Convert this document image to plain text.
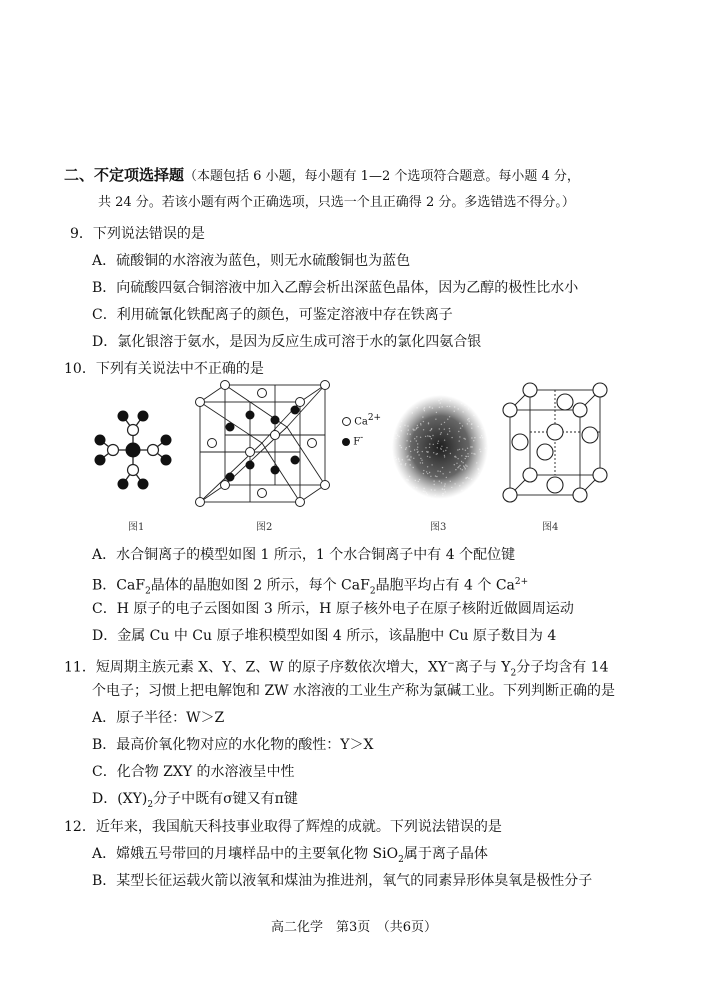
二、不定项选择题（本题包括 6 小题，每小题有 1—2 个选项符合题意。每小题 4 分，
共 24 分。若该小题有两个正确选项，只选一个且正确得 2 分。多选错选不得分。）
9．下列说法错误的是
A．硫酸铜的水溶液为蓝色，则无水硫酸铜也为蓝色
B．向硫酸四氨合铜溶液中加入乙醇会析出深蓝色晶体，因为乙醇的极性比水小
C．利用硫氰化铁配离子的颜色，可鉴定溶液中存在铁离子
D．氯化银溶于氨水，是因为反应生成可溶于水的氯化四氨合银
10．下列有关说法中不正确的是
$Ca^{2+}$
F-
图1	图2	图3	图4
A．水合铜离子的模型如图 1 所示，1 个水合铜离子中有 4 个配位键
B．CaF$_2$晶体的晶胞如图 2 所示，每个 CaF$_2$晶胞平均占有 4 个 $Ca^{2+}$
C．H 原子的电子云图如图 3 所示，H 原子核外电子在原子核附近做圆周运动
D．金属 Cu 中 Cu 原子堆积模型如图 4 所示，该晶胞中 Cu 原子数目为 4
11．短周期主族元素 X、Y、Z、W 的原子序数依次增大，XY−离子与 $Y_2$分子均含有 14
个电子；习惯上把电解饱和 ZW 水溶液的工业生产称为氯碱工业。下列判断正确的是
A．原子半径：W＞Z
B．最高价氧化物对应的水化物的酸性：Y＞X
C．化合物 ZXY 的水溶液呈中性
D．$(XY)_2$分子中既有σ键又有π键
12．近年来，我国航天科技事业取得了辉煌的成就。下列说法错误的是
A．嫦娥五号带回的月壤样品中的主要氧化物 SiO$_2$属于离子晶体
B．某型长征运载火箭以液氧和煤油为推进剂，氧气的同素异形体臭氧是极性分子
高二化学　第3页　（共6页）
